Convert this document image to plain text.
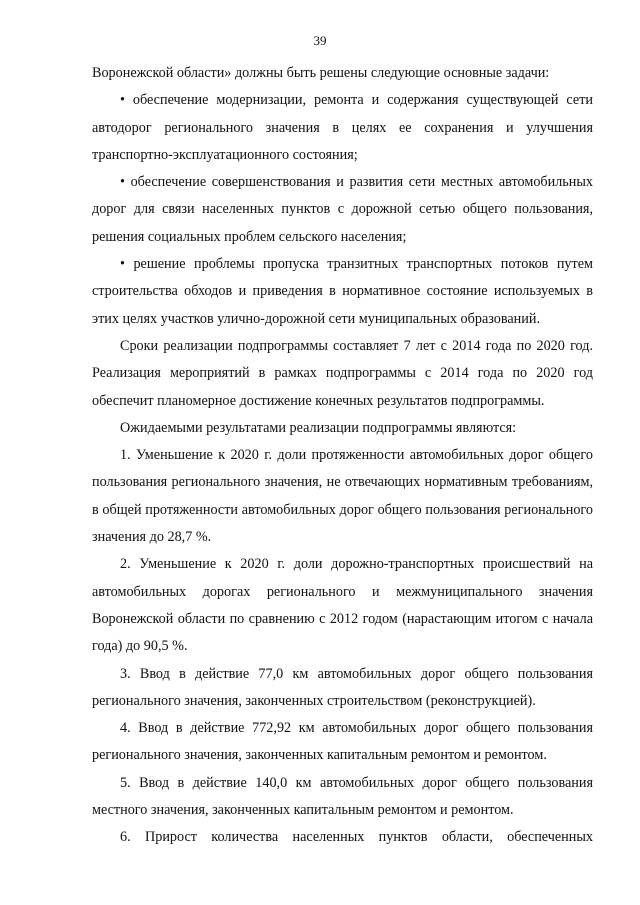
39

Воронежской области» должны быть решены следующие основные задачи:

• обеспечение модернизации, ремонта и содержания существующей сети автодорог регионального значения в целях ее сохранения и улучшения транспортно-эксплуатационного состояния;

• обеспечение совершенствования и развития сети местных автомобильных дорог для связи населенных пунктов с дорожной сетью общего пользования, решения социальных проблем сельского населения;

• решение проблемы пропуска транзитных транспортных потоков путем строительства обходов и приведения в нормативное состояние используемых в этих целях участков улично-дорожной сети муниципальных образований.

Сроки реализации подпрограммы составляет 7 лет с 2014 года по 2020 год. Реализация мероприятий в рамках подпрограммы с 2014 года по 2020 год обеспечит планомерное достижение конечных результатов подпрограммы.

Ожидаемыми результатами реализации подпрограммы являются:

1. Уменьшение к 2020 г. доли протяженности автомобильных дорог общего пользования регионального значения, не отвечающих нормативным требованиям, в общей протяженности автомобильных дорог общего пользования регионального значения до 28,7 %.

2. Уменьшение к 2020 г. доли дорожно-транспортных происшествий на автомобильных дорогах регионального и межмуниципального значения Воронежской области по сравнению с 2012 годом (нарастающим итогом с начала года) до 90,5 %.

3. Ввод в действие 77,0 км автомобильных дорог общего пользования регионального значения, законченных строительством (реконструкцией).

4. Ввод в действие 772,92 км автомобильных дорог общего пользования регионального значения, законченных капитальным ремонтом и ремонтом.

5. Ввод в действие 140,0 км автомобильных дорог общего пользования местного значения, законченных капитальным ремонтом и ремонтом.

6. Прирост количества населенных пунктов области, обеспеченных
